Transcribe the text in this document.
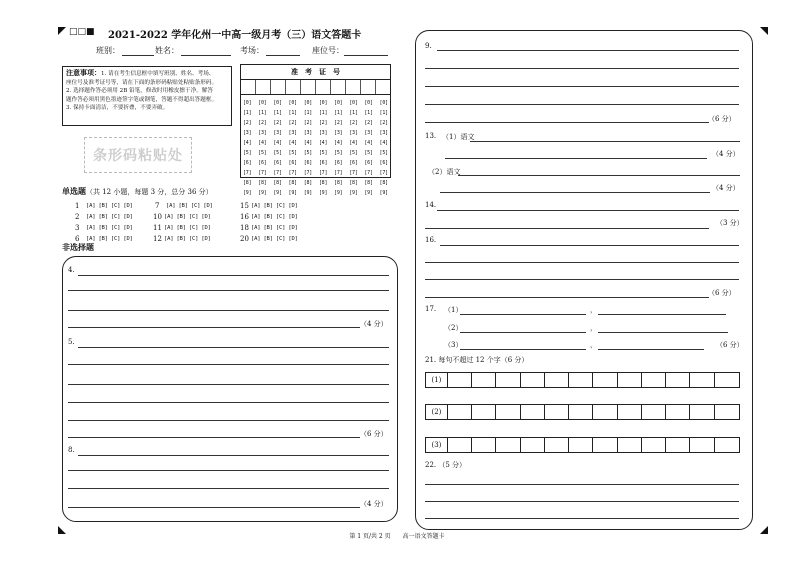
□□■ 2021-2022 学年化州一中高一级月考（三）语文答题卡
班别：	姓名：	考场：	座位号：
注意事项：1. 请在考生信息框中填写班别、姓名、考场、
座位号及准考证号等，请在下面的条形码粘贴处粘贴条形码。
2. 选择题作答必须用 2B 铅笔，修改时用橡皮擦干净。解答
题作答必须用黑色墨迹签字笔或钢笔，答题不得超出答题框。
3. 保持卡面清洁，不要折叠，不要弄破。
条形码粘贴处
准　考　证　号
[0] [0] [0] [0] [0] [0] [0] [0] [0] [0]
[1] [1] [1] [1] [1] [1] [1] [1] [1] [1]
[2] [2] [2] [2] [2] [2] [2] [2] [2] [2]
[3] [3] [3] [3] [3] [3] [3] [3] [3] [3]
[4] [4] [4] [4] [4] [4] [4] [4] [4] [4]
[5] [5] [5] [5] [5] [5] [5] [5] [5] [5]
[6] [6] [6] [6] [6] [6] [6] [6] [6] [6]
[7] [7] [7] [7] [7] [7] [7] [7] [7] [7]
[8] [8] [8] [8] [8] [8] [8] [8] [8] [8]
[9] [9] [9] [9] [9] [9] [9] [9] [9] [9]
单选题（共 12 小题，每题 3 分，总分 36 分）
非选择题
第 1 页/共 2 页　　高一语文答题卡
1 [A] [B] [C] [D]
2 [A] [B] [C] [D]
3 [A] [B] [C] [D]
6 [A] [B] [C] [D]
7 [A] [B] [C] [D]
10 [A] [B] [C] [D]
11 [A] [B] [C] [D]
12 [A] [B] [C] [D]
15 [A] [B] [C] [D]
16 [A] [B] [C] [D]
18 [A] [B] [C] [D]
20 [A] [B] [C] [D]
4.
（4 分）
5.
（6 分）
8.
（4 分）
9.
（6 分）
13. （1）语文
（4 分）
（2）语文
（4 分）
14.
（3 分）
16.
（6 分）
17. （1）	，
（2）	，
（3）	，	（6 分）
21. 每句不超过 12 个字（6 分）
(1)
(2)
(3)
22. （5 分）
